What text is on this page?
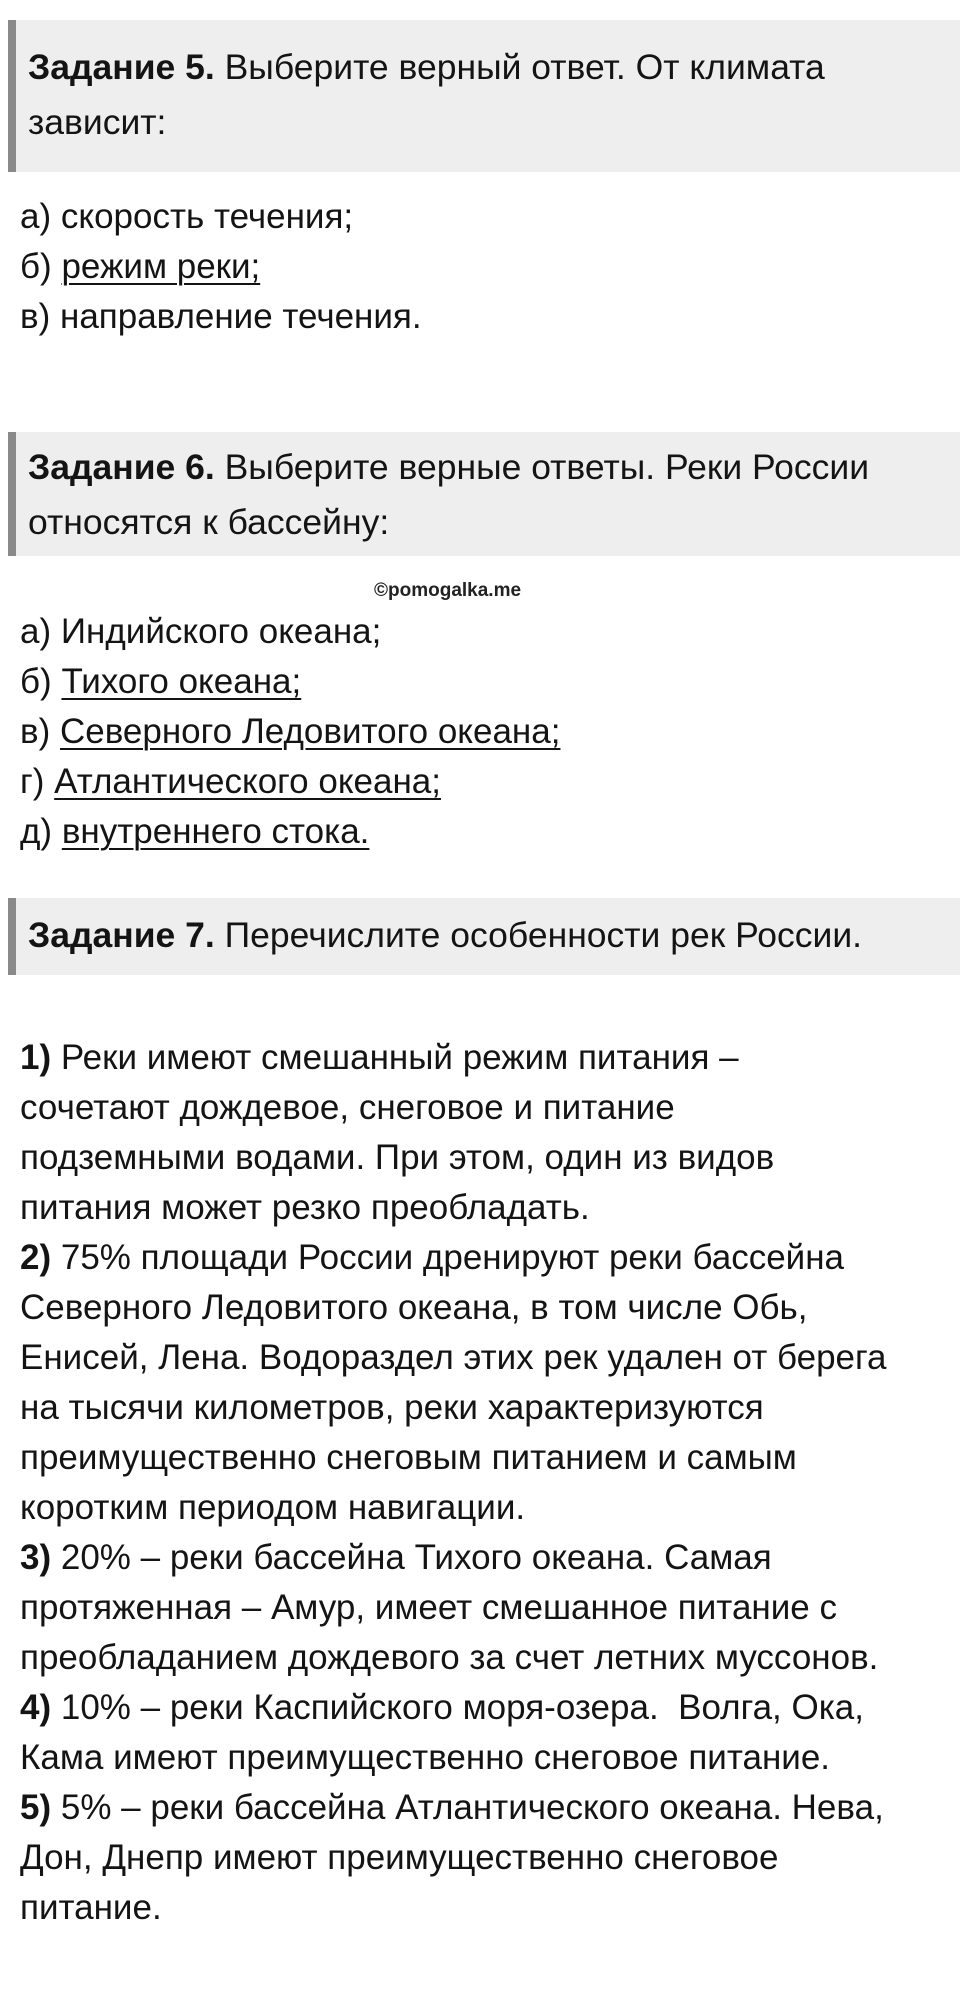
Задание 5. Выберите верный ответ. От климата
зависит:
а) скорость течения;
б) режим реки;
в) направление течения.
Задание 6. Выберите верные ответы. Реки России
относятся к бассейну:
©pomogalka.me
а) Индийского океана;
б) Тихого океана;
в) Северного Ледовитого океана;
г) Атлантического океана;
д) внутреннего стока.
Задание 7. Перечислите особенности рек России.
1) Реки имеют смешанный режим питания –
сочетают дождевое, снеговое и питание
подземными водами. При этом, один из видов
питания может резко преобладать.
2) 75% площади России дренируют реки бассейна
Северного Ледовитого океана, в том числе Обь,
Енисей, Лена. Водораздел этих рек удален от берега
на тысячи километров, реки характеризуются
преимущественно снеговым питанием и самым
коротким периодом навигации.
3) 20% – реки бассейна Тихого океана. Самая
протяженная – Амур, имеет смешанное питание с
преобладанием дождевого за счет летних муссонов.
4) 10% – реки Каспийского моря-озера.  Волга, Ока,
Кама имеют преимущественно снеговое питание.
5) 5% – реки бассейна Атлантического океана. Нева,
Дон, Днепр имеют преимущественно снеговое
питание.
